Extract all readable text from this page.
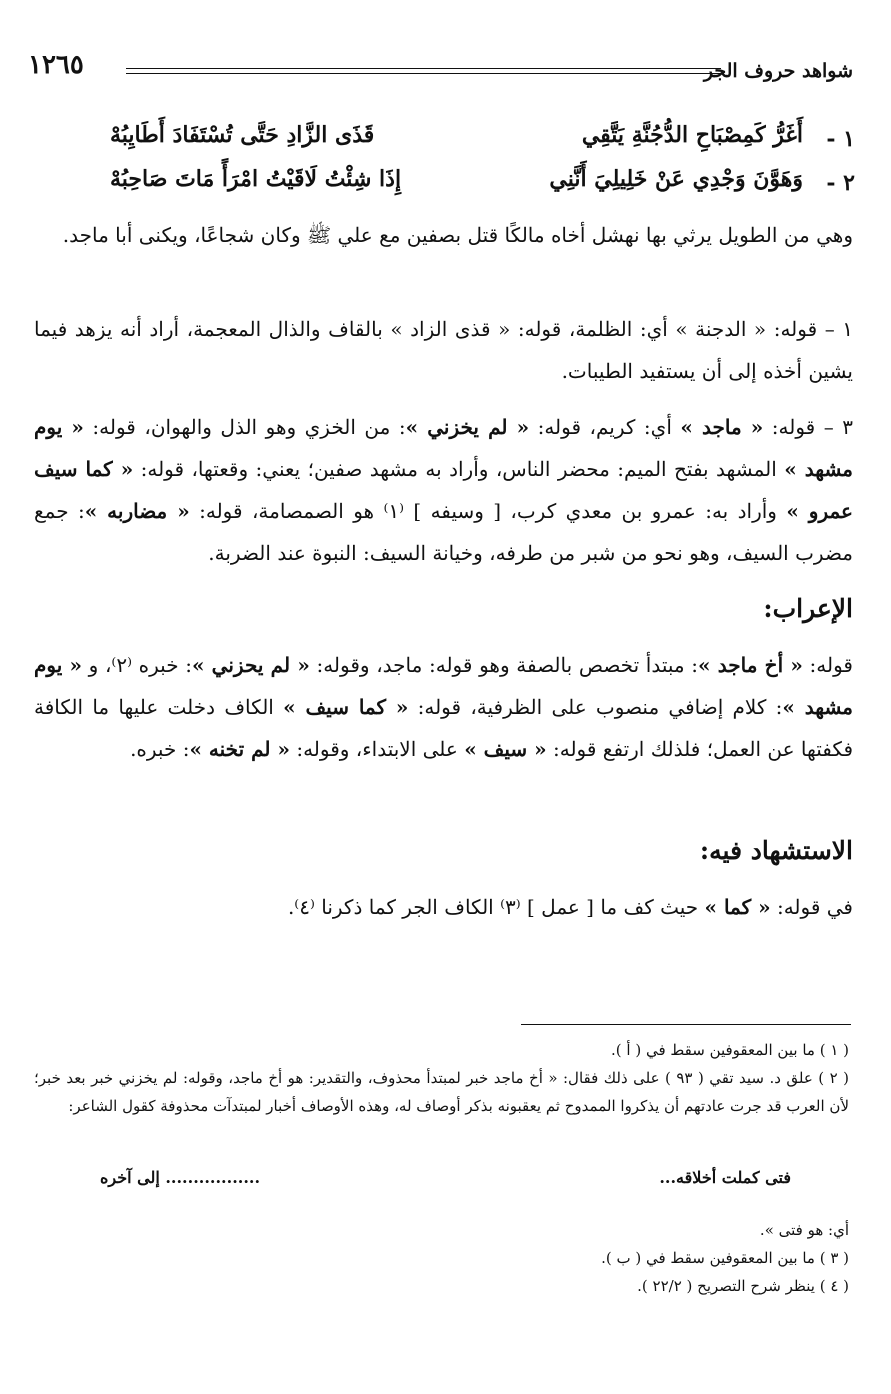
شواهد حروف الجر
١٢٦٥
١ -
أَغَرُّ كَمِصْبَاحِ الدُّجُنَّةِ يَتَّقِي
قَذَى الزَّادِ حَتَّى تُسْتَفَادَ أَطَايِبُهْ
٢ -
وَهَوَّنَ وَجْدِي عَنْ خَلِيلِيَ أَنَّنِي
إِذَا شِئْتُ لَاقَيْتُ امْرَأً مَاتَ صَاحِبُهْ

وهي من الطويل يرثي بها نهشل أخاه مالكًا قتل بصفين مع علي ﷺ وكان شجاعًا، ويكنى أبا ماجد.

١ – قوله: « الدجنة » أي: الظلمة، قوله: « قذى الزاد » بالقاف والذال المعجمة، أراد أنه يزهد فيما يشين أخذه إلى أن يستفيد الطيبات.

٣ – قوله: « ماجد » أي: كريم، قوله: « لم يخزني »: من الخزي وهو الذل والهوان، قوله: « يوم مشهد » المشهد بفتح الميم: محضر الناس، وأراد به مشهد صفين؛ يعني: وقعتها، قوله: « كما سيف عمرو » وأراد به: عمرو بن معدي كرب، [ وسيفه ] ⁽١⁾ هو الصمصامة، قوله: « مضاربه »: جمع مضرب السيف، وهو نحو من شبر من طرفه، وخيانة السيف: النبوة عند الضربة.

الإعراب:

قوله: « أخ ماجد »: مبتدأ تخصص بالصفة وهو قوله: ماجد، وقوله: « لم يحزني »: خبره ⁽٢⁾، و « يوم مشهد »: كلام إضافي منصوب على الظرفية، قوله: « كما سيف » الكاف دخلت عليها ما الكافة فكفتها عن العمل؛ فلذلك ارتفع قوله: « سيف » على الابتداء، وقوله: « لم تخنه »: خبره.

الاستشهاد فيه:

في قوله: « كما » حيث كف ما [ عمل ] ⁽٣⁾ الكاف الجر كما ذكرنا ⁽٤⁾.

( ١ ) ما بين المعقوفين سقط في ( أ ).

( ٢ ) علق د. سيد تقي ( ٩٣ ) على ذلك فقال: « أخ ماجد خبر لمبتدأ محذوف، والتقدير: هو أخ ماجد، وقوله: لم يخزني خبر بعد خبر؛ لأن العرب قد جرت عادتهم أن يذكروا الممدوح ثم يعقبونه بذكر أوصاف له، وهذه الأوصاف أخبار لمبتدآت محذوفة كقول الشاعر:

فتى كملت أخلاقه...
................. إلى آخره

أي: هو فتى ».

( ٣ ) ما بين المعقوفين سقط في ( ب ).

( ٤ ) ينظر شرح التصريح ( ٢٢/٢ ).
